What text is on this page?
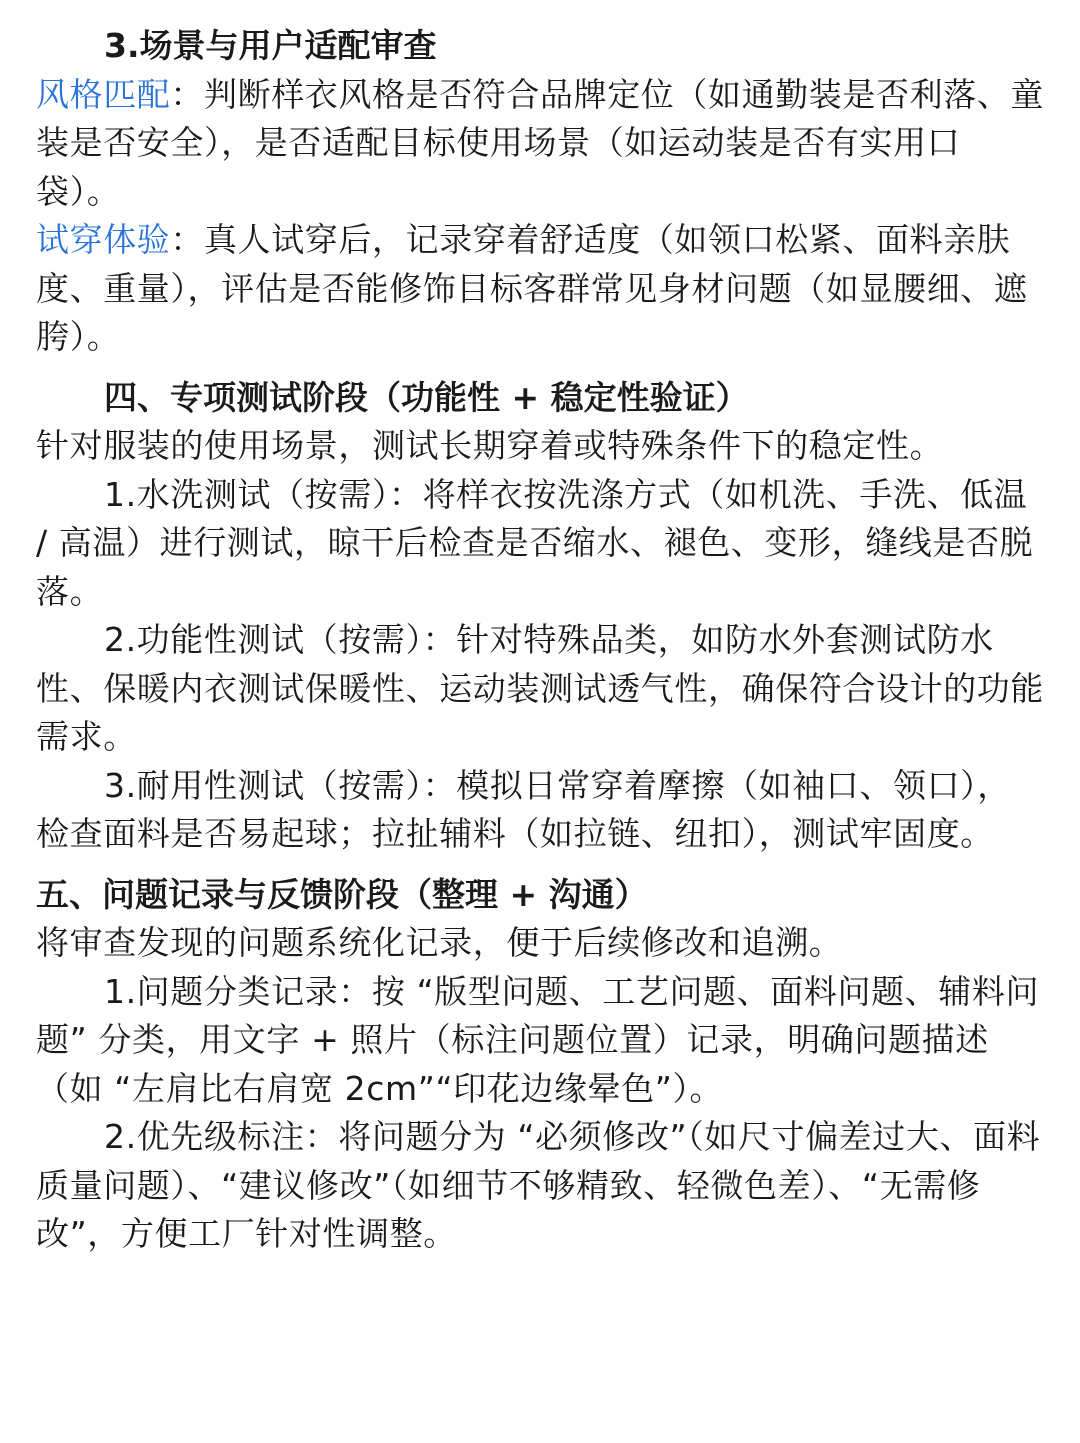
3.场景与用户适配审查

风格匹配：判断样衣风格是否符合品牌定位（如通勤装是否利落、童装是否安全），是否适配目标使用场景（如运动装是否有实用口袋）。

试穿体验：真人试穿后，记录穿着舒适度（如领口松紧、面料亲肤度、重量），评估是否能修饰目标客群常见身材问题（如显腰细、遮胯）。

四、专项测试阶段（功能性 + 稳定性验证）

针对服装的使用场景，测试长期穿着或特殊条件下的稳定性。

1.水洗测试（按需）：将样衣按洗涤方式（如机洗、手洗、低温 / 高温）进行测试，晾干后检查是否缩水、褪色、变形，缝线是否脱落。

2.功能性测试（按需）：针对特殊品类，如防水外套测试防水性、保暖内衣测试保暖性、运动装测试透气性，确保符合设计的功能需求。

3.耐用性测试（按需）：模拟日常穿着摩擦（如袖口、领口），检查面料是否易起球；拉扯辅料（如拉链、纽扣），测试牢固度。

五、问题记录与反馈阶段（整理 + 沟通）

将审查发现的问题系统化记录，便于后续修改和追溯。

1.问题分类记录：按 “版型问题、工艺问题、面料问题、辅料问题” 分类，用文字 + 照片（标注问题位置）记录，明确问题描述（如 “左肩比右肩宽 2cm”“印花边缘晕色”）。

2.优先级标注：将问题分为 “必须修改”（如尺寸偏差过大、面料质量问题）、“建议修改”（如细节不够精致、轻微色差）、“无需修改”，方便工厂针对性调整。
